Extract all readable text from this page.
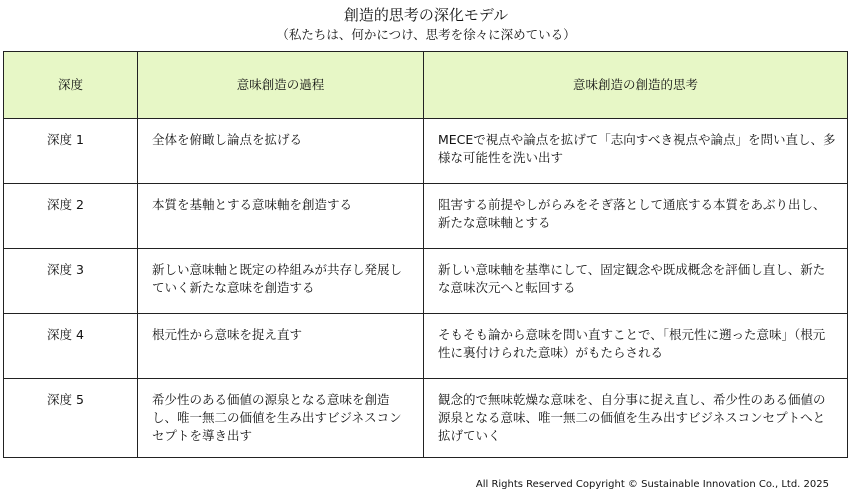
創造的思考の深化モデル
（私たちは、何かにつけ、思考を徐々に深めている）
深度	意味創造の過程	意味創造の創造的思考
深度 1	全体を俯瞰し論点を拡げる	MECEで視点や論点を拡げて「志向すべき視点や論点」を問い直し、多様な可能性を洗い出す
深度 2	本質を基軸とする意味軸を創造する	阻害する前提やしがらみをそぎ落として通底する本質をあぶり出し、新たな意味軸とする
深度 3	新しい意味軸と既定の枠組みが共存し発展していく新たな意味を創造する	新しい意味軸を基準にして、固定観念や既成概念を評価し直し、新たな意味次元へと転回する
深度 4	根元性から意味を捉え直す	そもそも論から意味を問い直すことで、「根元性に遡った意味」（根元性に裏付けられた意味）がもたらされる
深度 5	希少性のある価値の源泉となる意味を創造し、唯一無二の価値を生み出すビジネスコンセプトを導き出す	観念的で無味乾燥な意味を、自分事に捉え直し、希少性のある価値の源泉となる意味、唯一無二の価値を生み出すビジネスコンセプトへと拡げていく
All Rights Reserved Copyright © Sustainable Innovation Co., Ltd. 2025
